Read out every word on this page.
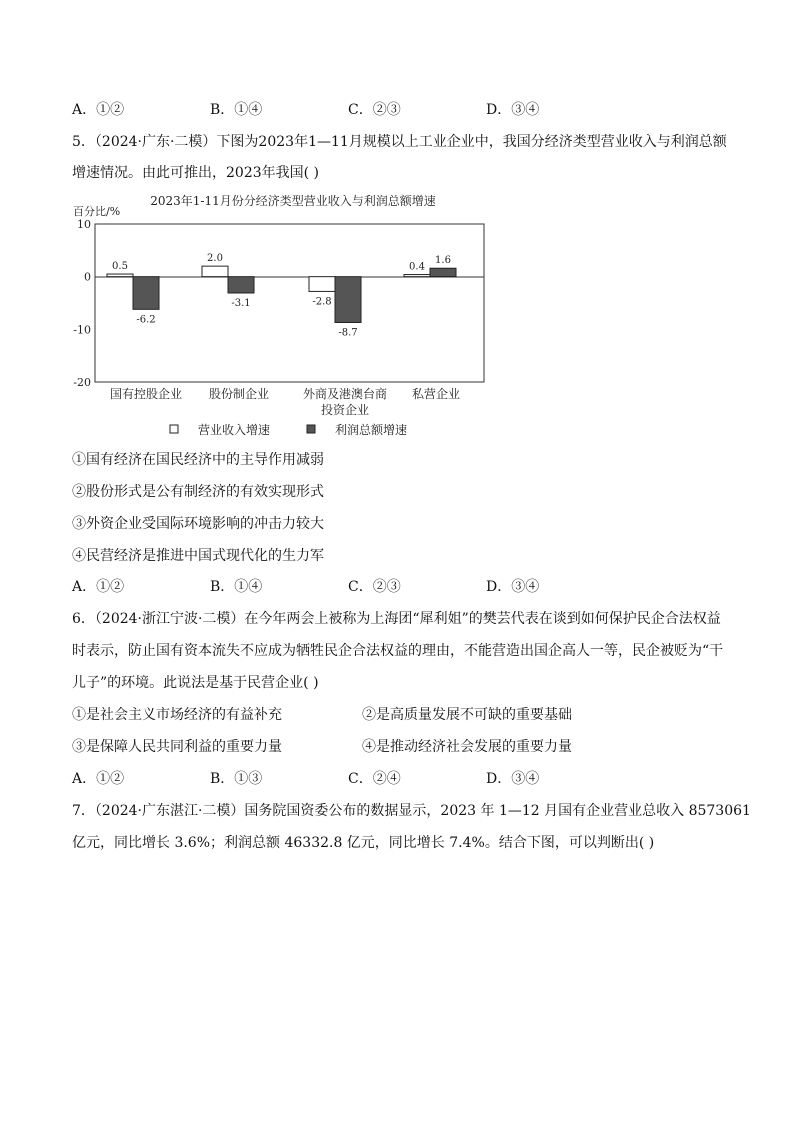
A．①②	B．①④	C．②③	D．③④
5．（2024·广东·二模）下图为2023年1—11月规模以上工业企业中，我国分经济类型营业收入与利润总额
增速情况。由此可推出，2023年我国( )
2023年1-11月份分经济类型营业收入与利润总额增速
百分比/%
10
0
-10
-20
0.5
2.0
-2.8
0.4
-6.2
-3.1
-8.7
1.6
国有控股企业 股份制企业	外商及港澳台商
投资企业
私营企业
营业收入增速	利润总额增速
①国有经济在国民经济中的主导作用减弱
②股份形式是公有制经济的有效实现形式
③外资企业受国际环境影响的冲击力较大
④民营经济是推进中国式现代化的生力军
A．①②	B．①④	C．②③	D．③④
6．（2024·浙江宁波·二模）在今年两会上被称为上海团“犀利姐”的樊芸代表在谈到如何保护民企合法权益
时表示，防止国有资本流失不应成为牺牲民企合法权益的理由，不能营造出国企高人一等，民企被贬为“干
儿子”的环境。此说法是基于民营企业( )
①是社会主义市场经济的有益补充	②是高质量发展不可缺的重要基础
③是保障人民共同利益的重要力量	④是推动经济社会发展的重要力量
A．①②	B．①③	C．②④	D．③④
7．（2024·广东湛江·二模）国务院国资委公布的数据显示，2023 年 1—12 月国有企业营业总收入 8573061
亿元，同比增长 3.6%；利润总额 46332.8 亿元，同比增长 7.4%。结合下图，可以判断出( )
